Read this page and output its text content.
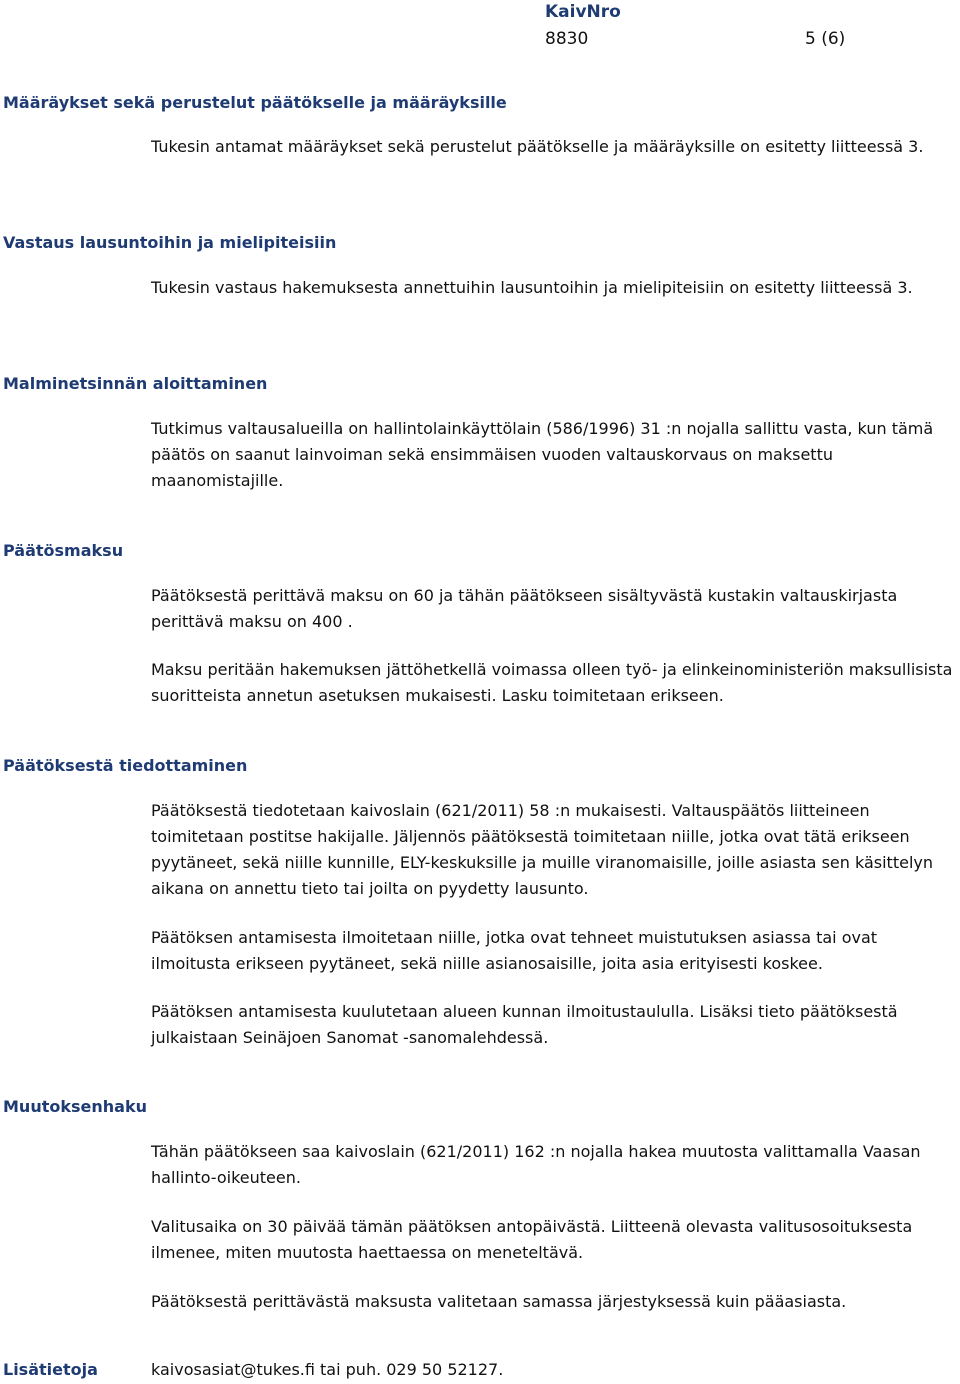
KaivNro
8830	5 (6)
Määräykset sekä perustelut päätökselle ja määräyksille

Tukesin antamat määräykset sekä perustelut päätökselle ja määräyksille on esitetty liitteessä 3.

Vastaus lausuntoihin ja mielipiteisiin

Tukesin vastaus hakemuksesta annettuihin lausuntoihin ja mielipiteisiin on esitetty liitteessä 3.

Malminetsinnän aloittaminen

Tutkimus valtausalueilla on hallintolainkäyttölain (586/1996) 31 :n nojalla sallittu vasta, kun tämä päätös on saanut lainvoiman sekä ensimmäisen vuoden valtauskorvaus on maksettu maanomistajille.

Päätösmaksu

Päätöksestä perittävä maksu on 60 ja tähän päätökseen sisältyvästä kustakin valtauskirjasta perittävä maksu on 400 .

Maksu peritään hakemuksen jättöhetkellä voimassa olleen työ- ja elinkeinoministeriön maksullisista suoritteista annetun asetuksen mukaisesti. Lasku toimitetaan erikseen.

Päätöksestä tiedottaminen

Päätöksestä tiedotetaan kaivoslain (621/2011) 58 :n mukaisesti. Valtauspäätös liitteineen toimitetaan postitse hakijalle. Jäljennös päätöksestä toimitetaan niille, jotka ovat tätä erikseen pyytäneet, sekä niille kunnille, ELY-keskuksille ja muille viranomaisille, joille asiasta sen käsittelyn aikana on annettu tieto tai joilta on pyydetty lausunto.

Päätöksen antamisesta ilmoitetaan niille, jotka ovat tehneet muistutuksen asiassa tai ovat ilmoitusta erikseen pyytäneet, sekä niille asianosaisille, joita asia erityisesti koskee.

Päätöksen antamisesta kuulutetaan alueen kunnan ilmoitustaululla. Lisäksi tieto päätöksestä julkaistaan Seinäjoen Sanomat -sanomalehdessä.

Muutoksenhaku

Tähän päätökseen saa kaivoslain (621/2011) 162 :n nojalla hakea muutosta valittamalla Vaasan hallinto-oikeuteen.

Valitusaika on 30 päivää tämän päätöksen antopäivästä. Liitteenä olevasta valitusosoituksesta ilmenee, miten muutosta haettaessa on meneteltävä.

Päätöksestä perittävästä maksusta valitetaan samassa järjestyksessä kuin pääasiasta.

Lisätietoja	kaivosasiat@tukes.fi tai puh. 029 50 52127.
